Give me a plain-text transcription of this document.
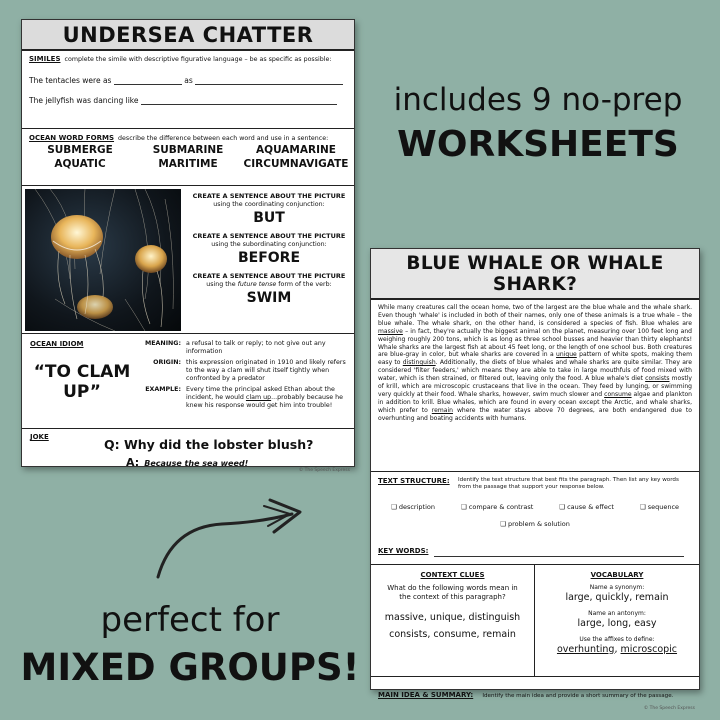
UNDERSEA CHATTER
SIMILES complete the simile with descriptive figurative language – be as specific as possible:
The tentacles were as	as
The jellyfish was dancing like
OCEAN WORD FORMS describe the difference between each word and use in a sentence:
SUBMERGE	SUBMARINE	AQUAMARINE
AQUATIC	MARITIME	CIRCUMNAVIGATE
CREATE A SENTENCE ABOUT THE PICTURE
using the coordinating conjunction:
BUT
CREATE A SENTENCE ABOUT THE PICTURE
using the subordinating conjunction:
BEFORE
CREATE A SENTENCE ABOUT THE PICTURE
using the future tense form of the verb:
SWIM
OCEAN IDIOM
“TO CLAM UP”
MEANING: a refusal to talk or reply; to not give out any information
ORIGIN: this expression originated in 1910 and likely refers to the way a clam will shut itself tightly when confronted by a predator
EXAMPLE: Every time the principal asked Ethan about the incident, he would clam up...probably because he knew his response would get him into trouble!
JOKE	Q: Why did the lobster blush?
A: Because the sea weed!
© The Speech Express
includes 9 no-prep
WORKSHEETS
perfect for
MIXED GROUPS!
BLUE WHALE OR WHALE SHARK?
While many creatures call the ocean home, two of the largest are the blue whale and the whale shark. Even though 'whale' is included in both of their names, only one of these animals is a true whale – the blue whale. The whale shark, on the other hand, is considered a species of fish. Blue whales are massive – in fact, they're actually the biggest animal on the planet, measuring over 100 feet long and weighing roughly 200 tons, which is as long as three school busses and heavier than thirty elephants! Whale sharks are the largest fish at about 45 feet long, or the length of one school bus. Both creatures are blue-gray in color, but whale sharks are covered in a unique pattern of white spots, making them easy to distinguish. Additionally, the diets of blue whales and whale sharks are quite similar. They are considered 'filter feeders,' which means they are able to take in large mouthfuls of food mixed with water, which is then strained, or filtered out, leaving only the food. A blue whale's diet consists mostly of krill, which are microscopic crustaceans that live in the ocean. They feed by lunging, or swimming very quickly at their food. Whale sharks, however, swim much slower and consume algae and plankton in addition to krill. Blue whales, which are found in every ocean except the Arctic, and whale sharks, which prefer to remain where the water stays above 70 degrees, are both endangered due to overhunting and boating accidents with humans.
TEXT STRUCTURE:	Identify the text structure that best fits the paragraph. Then list any key words from the passage that support your response below.
❑ description	❑ compare & contrast	❑ cause & effect	❑ sequence
❑ problem & solution
KEY WORDS:
CONTEXT CLUES
What do the following words mean in the context of this paragraph?
massive, unique, distinguish
consists, consume, remain
VOCABULARY
Name a synonym:
large, quickly, remain
Name an antonym:
large, long, easy
Use the affixes to define:
overhunting, microscopic
MAIN IDEA & SUMMARY: Identify the main idea and provide a short summary of the passage.
© The Speech Express
